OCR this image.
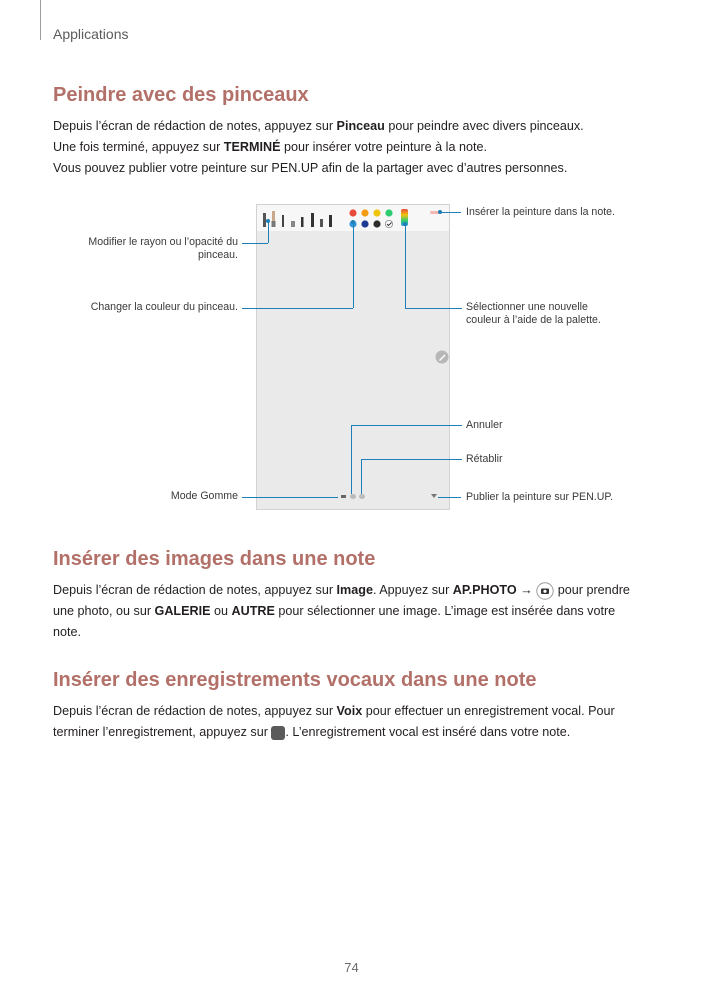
Applications
Peindre avec des pinceaux
Depuis l’écran de rédaction de notes, appuyez sur Pinceau pour peindre avec divers pinceaux.
Une fois terminé, appuyez sur TERMINÉ pour insérer votre peinture à la note.
Vous pouvez publier votre peinture sur PEN.UP afin de la partager avec d’autres personnes.
Insérer la peinture dans la note.
Modifier le rayon ou l’opacité du pinceau.
Changer la couleur du pinceau.	Sélectionner une nouvelle couleur à l’aide de la palette.
Annuler
Rétablir
Mode Gomme	Publier la peinture sur PEN.UP.
Insérer des images dans une note
Depuis l’écran de rédaction de notes, appuyez sur Image. Appuyez sur AP.PHOTO →  pour prendre une photo, ou sur GALERIE ou AUTRE pour sélectionner une image. L’image est insérée dans votre note.
Insérer des enregistrements vocaux dans une note
Depuis l’écran de rédaction de notes, appuyez sur Voix pour effectuer un enregistrement vocal. Pour terminer l’enregistrement, appuyez sur . L’enregistrement vocal est inséré dans votre note.
74
